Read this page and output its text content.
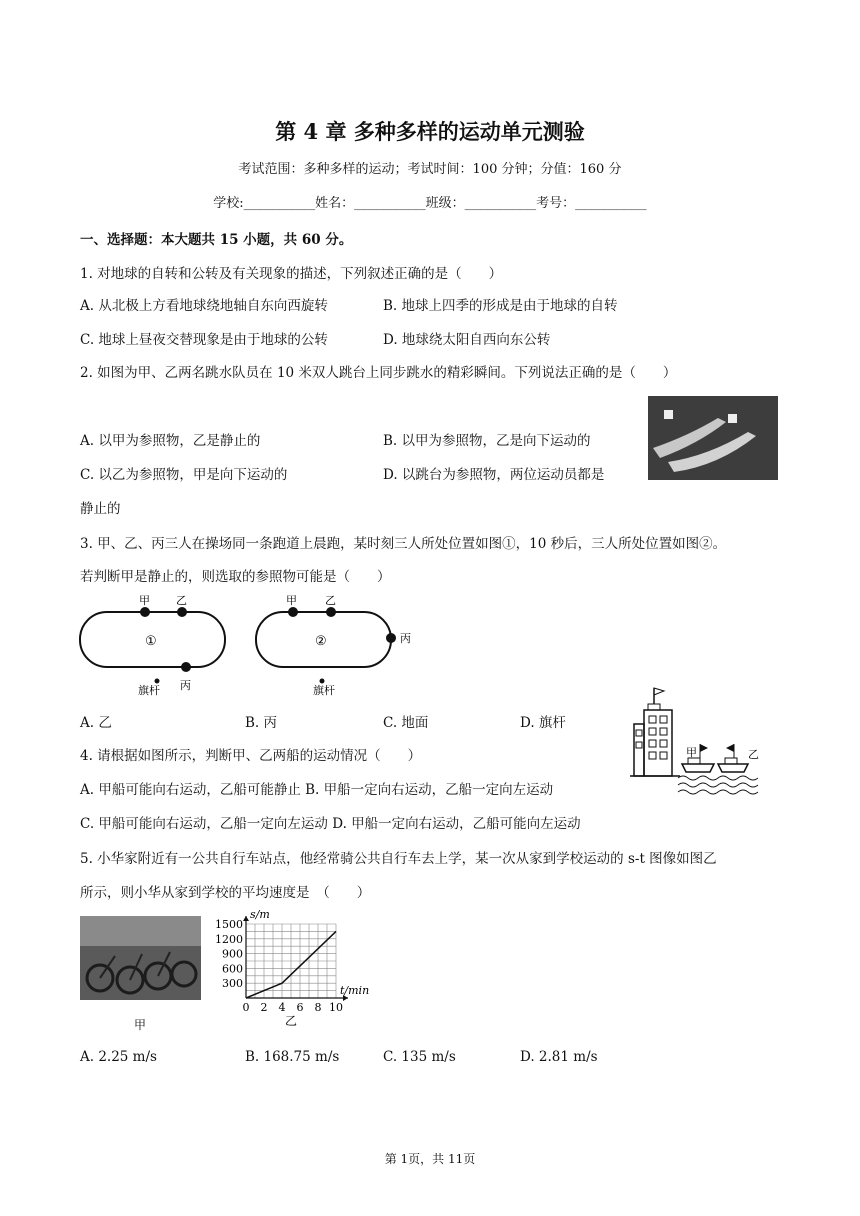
第 4 章 多种多样的运动单元测验
考试范围：多种多样的运动；考试时间：100 分钟；分值：160 分
学校:___________姓名：___________班级：___________考号：___________
一、选择题：本大题共 15 小题，共 60 分。
1. 对地球的自转和公转及有关现象的描述，下列叙述正确的是（　　）
A. 从北极上方看地球绕地轴自东向西旋转	B. 地球上四季的形成是由于地球的自转
C. 地球上昼夜交替现象是由于地球的公转	D. 地球绕太阳自西向东公转
2. 如图为甲、乙两名跳水队员在 10 米双人跳台上同步跳水的精彩瞬间。下列说法正确的是（　　）
A. 以甲为参照物，乙是静止的	B. 以甲为参照物，乙是向下运动的
C. 以乙为参照物，甲是向下运动的	D. 以跳台为参照物，两位运动员都是
静止的
3. 甲、乙、丙三人在操场同一条跑道上晨跑，某时刻三人所处位置如图①，10 秒后，三人所处位置如图②。
若判断甲是静止的，则选取的参照物可能是（　　）
甲 乙
丙
旗杆
①
甲	乙
丙
旗杆
②
A. 乙	B. 丙	C. 地面	D. 旗杆
甲	乙
4. 请根据如图所示，判断甲、乙两船的运动情况（　　）
A. 甲船可能向右运动，乙船可能静止 B. 甲船一定向右运动，乙船一定向左运动
C. 甲船可能向右运动，乙船一定向左运动 D. 甲船一定向右运动，乙船可能向左运动
5. 小华家附近有一公共自行车站点，他经常骑公共自行车去上学，某一次从家到学校运动的 s-t 图像如图乙
所示，则小华从家到学校的平均速度是　（　　）
甲
0 2 4 6 8 10
300
600
900
1200
1500
s/m
t/min
乙
A. 2.25 m/s	B. 168.75 m/s	C. 135 m/s	D. 2.81 m/s
第 1页，共 11页
